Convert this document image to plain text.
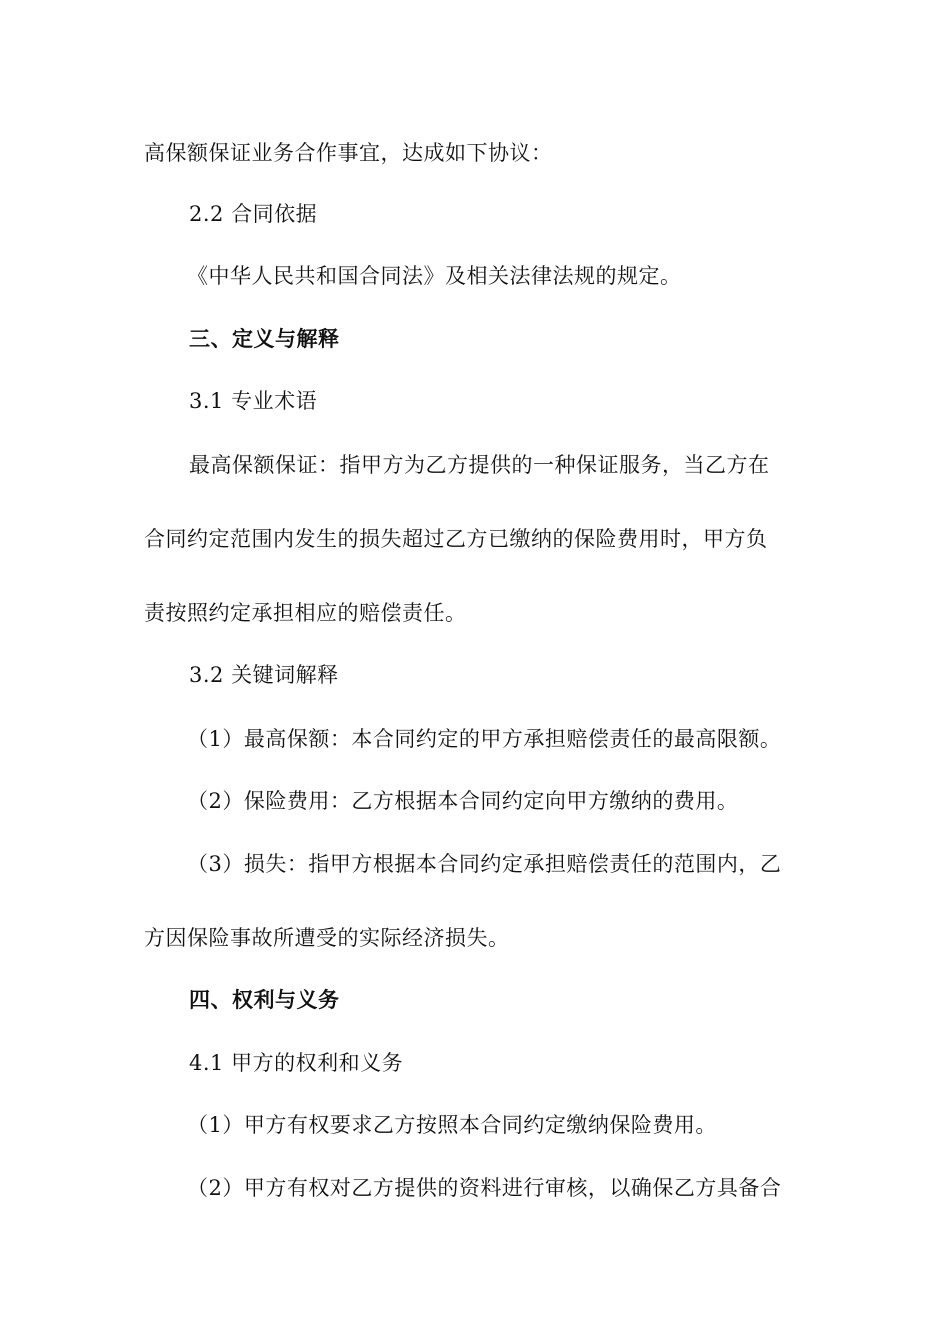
高保额保证业务合作事宜，达成如下协议：
2.2 合同依据
《中华人民共和国合同法》及相关法律法规的规定。
三、定义与解释
3.1 专业术语
最高保额保证：指甲方为乙方提供的一种保证服务，当乙方在
合同约定范围内发生的损失超过乙方已缴纳的保险费用时，甲方负
责按照约定承担相应的赔偿责任。
3.2 关键词解释
（1）最高保额：本合同约定的甲方承担赔偿责任的最高限额。
（2）保险费用：乙方根据本合同约定向甲方缴纳的费用。
（3）损失：指甲方根据本合同约定承担赔偿责任的范围内，乙
方因保险事故所遭受的实际经济损失。
四、权利与义务
4.1 甲方的权利和义务
（1）甲方有权要求乙方按照本合同约定缴纳保险费用。
（2）甲方有权对乙方提供的资料进行审核，以确保乙方具备合
